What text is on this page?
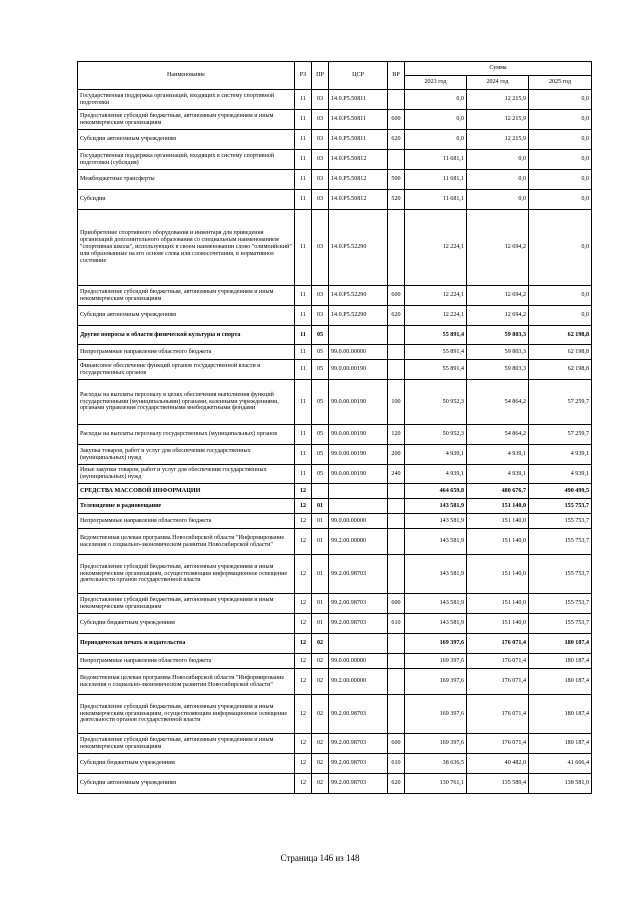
Наименование	РЗ	ПР	ЦСР	ВР	Сумма		
					2023 год	2024 год	2025 год
Государственная поддержка организаций, входящих в систему спортивной подготовки	11	03	14.0.P5.50811		0,0	12 215,9	0,0
Предоставление субсидий бюджетным, автономным учреждениям и иным некоммерческим организациям	11	03	14.0.P5.50811	600	0,0	12 215,9	0,0
Субсидии автономным учреждениям	11	03	14.0.P5.50811	620	0,0	12 215,9	0,0
Государственная поддержка организаций, входящих в систему спортивной подготовки (субсидия)	11	03	14.0.P5.50812		11 681,1	0,0	0,0
Межбюджетные трансферты	11	03	14.0.P5.50812	500	11 681,1	0,0	0,0
Субсидии	11	03	14.0.P5.50812	520	11 681,1	0,0	0,0
Приобретение спортивного оборудования и инвентаря для приведения организаций дополнительного образования со специальным наименованием "спортивная школа", использующих в своем наименовании слово "олимпийский" или образованные на его основе слова или словосочетания, в нормативное состояние	11	03	14.0.P5.52290		12 224,1	12 694,2	0,0
Предоставление субсидий бюджетным, автономным учреждениям и иным некоммерческим организациям	11	03	14.0.P5.52290	600	12 224,1	12 694,2	0,0
Субсидии автономным учреждениям	11	03	14.0.P5.52290	620	12 224,1	12 694,2	0,0
Другие вопросы в области физической культуры и спорта	11	05			55 891,4	59 803,3	62 198,8
Непрограммные направления областного бюджета	11	05	99.0.00.00000		55 891,4	59 803,3	62 198,8
Финансовое обеспечение функций органов государственной власти и государственных органов	11	05	99.0.00.00190		55 891,4	59 803,3	62 198,8
Расходы на выплаты персоналу в целях обеспечения выполнения функций государственными (муниципальными) органами, казенными учреждениями, органами управления государственными внебюджетными фондами	11	05	99.0.00.00190	100	50 952,3	54 864,2	57 259,7
Расходы на выплаты персоналу государственных (муниципальных) органов	11	05	99.0.00.00190	120	50 952,3	54 864,2	57 259,7
Закупка товаров, работ и услуг для обеспечения государственных (муниципальных) нужд	11	05	99.0.00.00190	200	4 939,1	4 939,1	4 939,1
Иные закупки товаров, работ и услуг для обеспечения государственных (муниципальных) нужд	11	05	99.0.00.00190	240	4 939,1	4 939,1	4 939,1
СРЕДСТВА МАССОВОЙ ИНФОРМАЦИИ	12				464 659,8	480 676,7	490 499,5
Телевидение и радиовещание	12	01			143 581,9	151 140,0	155 753,7
Непрограммные направления областного бюджета	12	01	99.0.00.00000		143 581,9	151 140,0	155 753,7
Ведомственная целевая программа Новосибирской области "Информирование населения о социально-экономическом развитии Новосибирской области"	12	01	99.2.00.00000		143 581,9	151 140,0	155 753,7
Предоставление субсидий бюджетным, автономным учреждениям и иным некоммерческим организациям, осуществляющим информационное освещение деятельности органов государственной власти	12	01	99.2.00.98703		143 581,9	151 140,0	155 753,7
Предоставление субсидий бюджетным, автономным учреждениям и иным некоммерческим организациям	12	01	99.2.00.98703	600	143 581,9	151 140,0	155 753,7
Субсидии бюджетным учреждениям	12	01	99.2.00.98703	610	143 581,9	151 140,0	155 753,7
Периодическая печать и издательства	12	02			169 397,6	176 071,4	180 187,4
Непрограммные направления областного бюджета	12	02	99.0.00.00000		169 397,6	176 071,4	180 187,4
Ведомственная целевая программа Новосибирской области "Информирование населения о социально-экономическом развитии Новосибирской области"	12	02	99.2.00.00000		169 397,6	176 071,4	180 187,4
Предоставление субсидий бюджетным, автономным учреждениям и иным некоммерческим организациям, осуществляющим информационное освещение деятельности органов государственной власти	12	02	99.2.00.98703		169 397,6	176 071,4	180 187,4
Предоставление субсидий бюджетным, автономным учреждениям и иным некоммерческим организациям	12	02	99.2.00.98703	600	169 397,6	176 071,4	180 187,4
Субсидии бюджетным учреждениям	12	02	99.2.00.98703	610	38 636,5	40 482,0	41 606,4
Субсидии автономным учреждениям	12	02	99.2.00.98703	620	130 761,1	135 589,4	138 581,0
Страница 146 из 148
